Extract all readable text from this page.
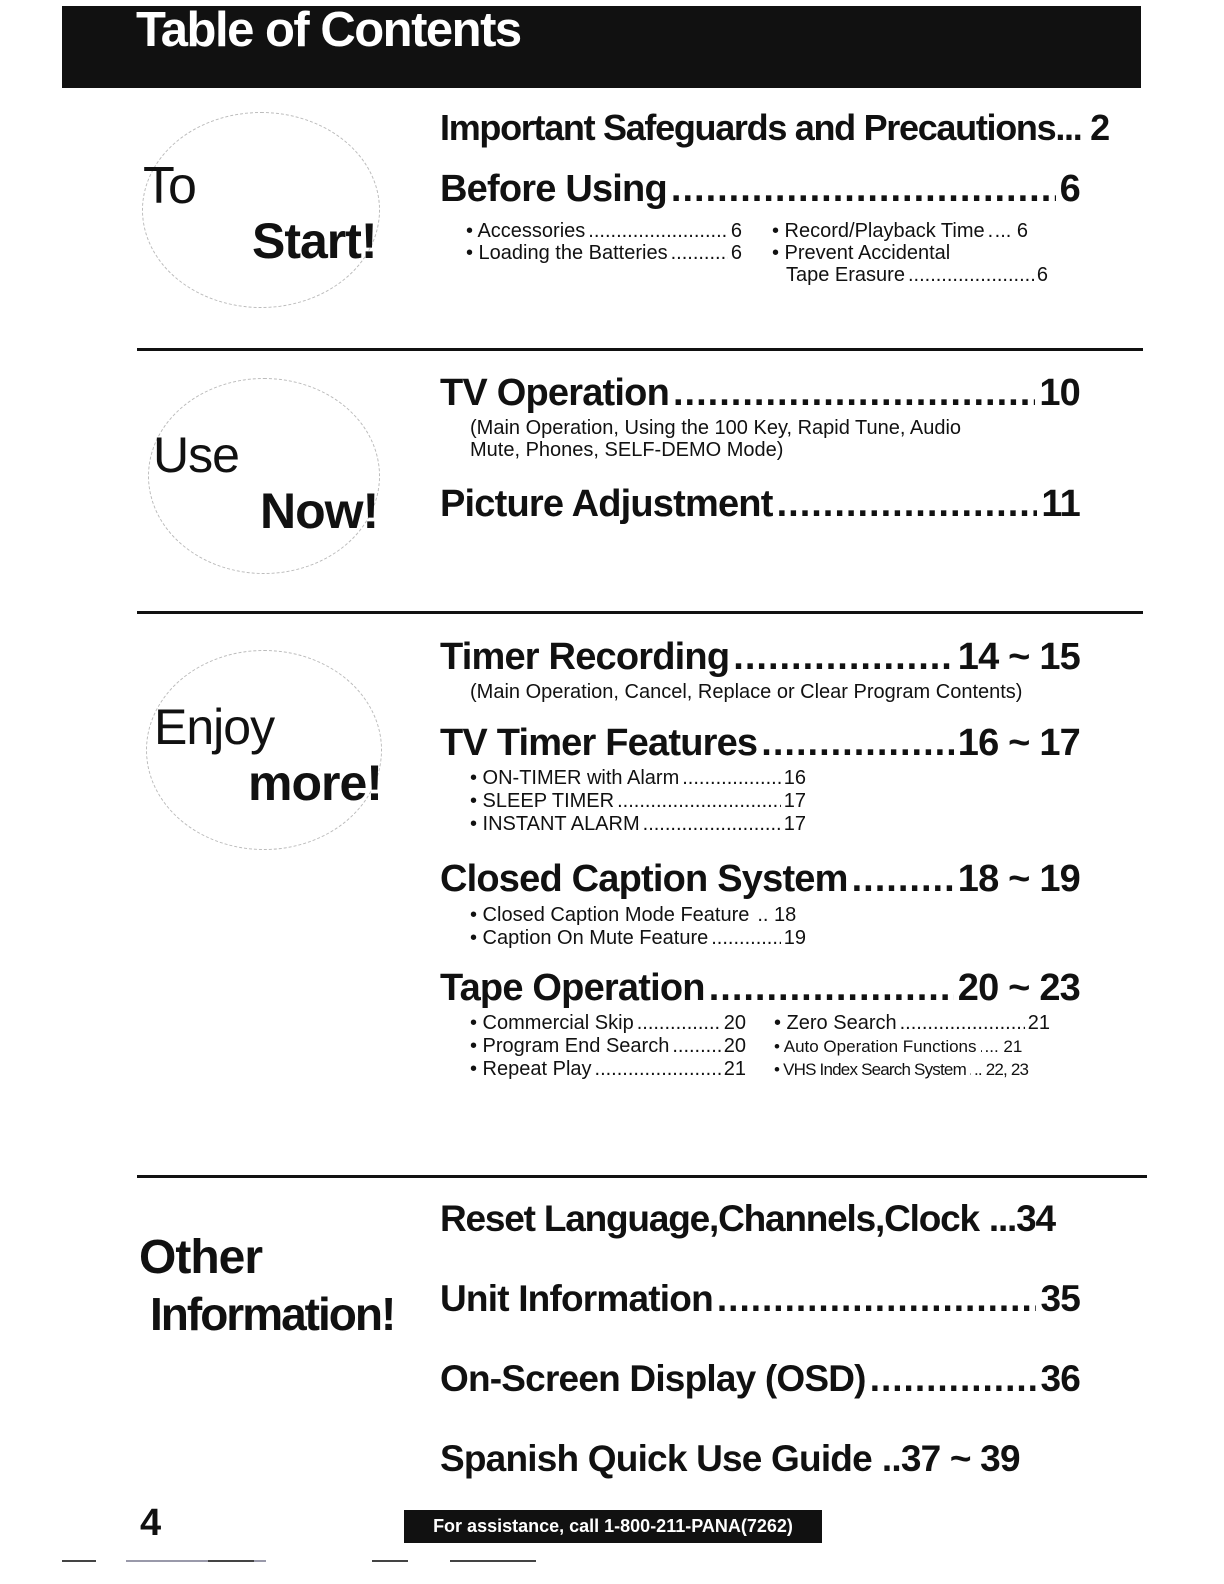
Table of Contents
To
Start!
Important Safeguards and Precautions ... 2
Before Using .....	6
• Accessories .....	6
• Loading the Batteries .....	6
• Record/Playback Time ..... ... 6
• Prevent Accidental
Tape Erasure .....	6
Use
Now!
TV Operation .....	10
(Main Operation, Using the 100 Key, Rapid Tune, Audio
Mute, Phones, SELF-DEMO Mode)
Picture Adjustment .....	11
Enjoy
more!
Timer Recording .....	14 ~ 15
(Main Operation, Cancel, Replace or Clear Program Contents)
TV Timer Features .....	16 ~ 17
• ON-TIMER with Alarm .....	16
• SLEEP TIMER .....	17
• INSTANT ALARM .....	17
Closed Caption System .....	18 ~ 19
• Closed Caption Mode Feature ..... .. 18
• Caption On Mute Feature .....	19
Tape Operation .....	20 ~ 23
• Commercial Skip .....	20
• Program End Search .....	20
• Repeat Play .....	21
• Zero Search .....	21
• Auto Operation Functions ..... ... 21
• VHS Index Search System ..... .. 22, 23
Other
Information!
Reset Language,Channels,Clock ...34
Unit Information .....	35
On-Screen Display (OSD) .....	36
Spanish Quick Use Guide ..37 ~ 39
4	For assistance, call 1-800-211-PANA(7262)
